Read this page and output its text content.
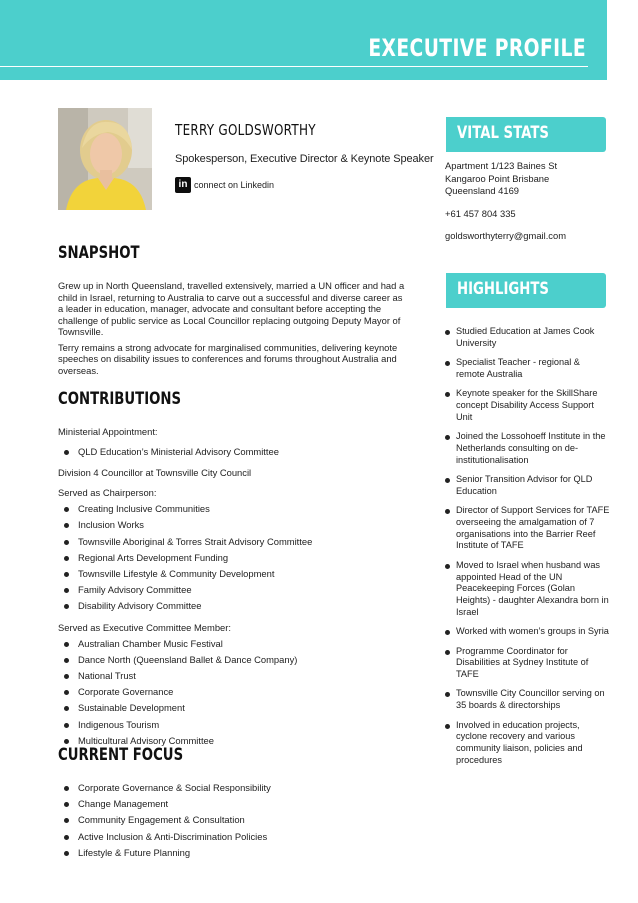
EXECUTIVE PROFILE
TERRY GOLDSWORTHY
Spokesperson, Executive Director & Keynote Speaker
in connect on Linkedin
SNAPSHOT

Grew up in North Queensland, travelled extensively, married a UN officer and had a child in Israel, returning to Australia to carve out a successful and diverse career as a leader in education, manager, advocate and consultant before accepting the challenge of public service as Local Councillor replacing outgoing Deputy Mayor of Townsville.

Terry remains a strong advocate for marginalised communities, delivering keynote speeches on disability issues to conferences and forums throughout Australia and overseas.

CONTRIBUTIONS
Ministerial Appointment:
QLD Education’s Ministerial Advisory Committee
Division 4 Councillor at Townsville City Council
Served as Chairperson:
Creating Inclusive Communities
Inclusion Works
Townsville Aboriginal & Torres Strait Advisory Committee
Regional Arts Development Funding
Townsville Lifestyle & Community Development
Family Advisory Committee
Disability Advisory Committee
Served as Executive Committee Member:
Australian Chamber Music Festival
Dance North (Queensland Ballet & Dance Company)
National Trust
Corporate Governance
Sustainable Development
Indigenous Tourism
Multicultural Advisory Committee
CURRENT FOCUS
Corporate Governance & Social Responsibility
Change Management
Community Engagement & Consultation
Active Inclusion & Anti-Discrimination Policies
Lifestyle & Future Planning
VITAL STATS
Apartment 1/123 Baines St
Kangaroo Point Brisbane
Queensland 4169
+61 457 804 335
goldsworthyterry@gmail.com
HIGHLIGHTS
Studied Education at James Cook University
Specialist Teacher - regional & remote Australia
Keynote speaker for the SkillShare concept Disability Access Support Unit
Joined the Lossohoeff Institute in the Netherlands consulting on de-institutionalisation
Senior Transition Advisor for QLD Education
Director of Support Services for TAFE overseeing the amalgamation of 7 organisations into the Barrier Reef Institute of TAFE
Moved to Israel when husband was appointed Head of the UN Peacekeeping Forces (Golan Heights) - daughter Alexandra born in Israel
Worked with women’s groups in Syria
Programme Coordinator for Disabilities at Sydney Institute of TAFE
Townsville City Councillor serving on 35 boards & directorships
Involved in education projects, cyclone recovery and various community liaison, policies and procedures
